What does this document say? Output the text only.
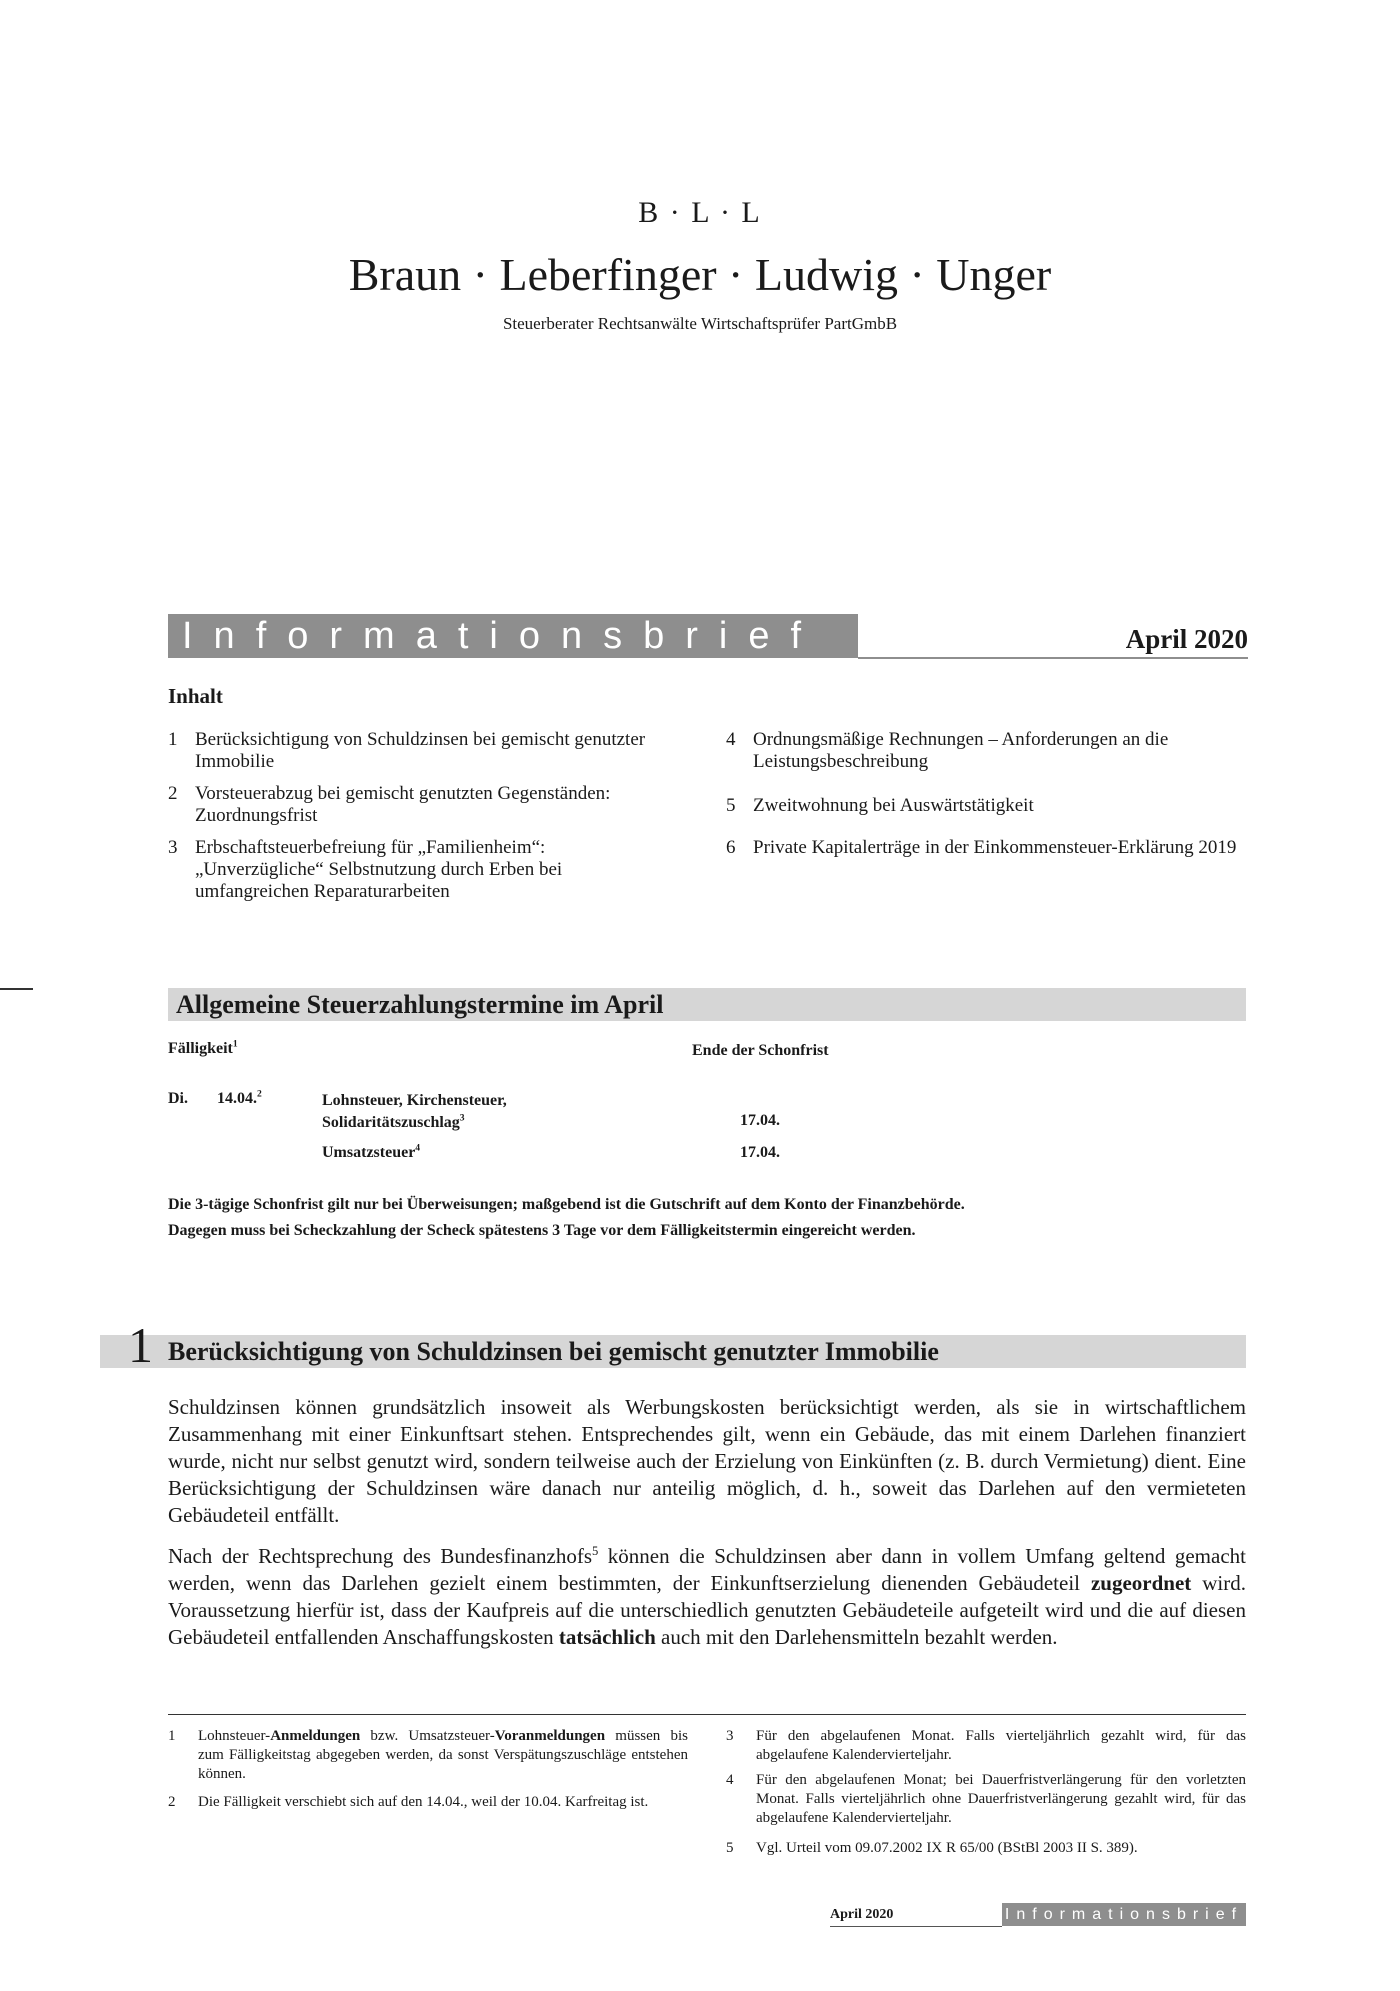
B · L · L
Braun · Leberfinger · Ludwig · Unger
Steuerberater Rechtsanwälte Wirtschaftsprüfer PartGmbB
Informationsbrief	April 2020
Inhalt
1 Berücksichtigung von Schuldzinsen bei gemischt genutzter Immobilie
2 Vorsteuerabzug bei gemischt genutzten Gegenständen: Zuordnungsfrist
3 Erbschaftsteuerbefreiung für „Familienheim“: „Unverzügliche“ Selbstnutzung durch Erben bei umfangreichen Reparaturarbeiten
4 Ordnungsmäßige Rechnungen – Anforderungen an die Leistungsbeschreibung
5 Zweitwohnung bei Auswärtstätigkeit
6 Private Kapitalerträge in der Einkommensteuer-Erklärung 2019
Allgemeine Steuerzahlungstermine im April
Fälligkeit$^1$	Ende der Schonfrist
Di. 14.04.$^2$	Lohnsteuer, Kirchensteuer,
Solidaritätszuschlag$^3$	17.04.
Umsatzsteuer$^4$	17.04.
Die 3-tägige Schonfrist gilt nur bei Überweisungen; maßgebend ist die Gutschrift auf dem Konto der Finanzbehörde.
Dagegen muss bei Scheckzahlung der Scheck spätestens 3 Tage vor dem Fälligkeitstermin eingereicht werden.
1 Berücksichtigung von Schuldzinsen bei gemischt genutzter Immobilie

Schuldzinsen können grundsätzlich insoweit als Werbungskosten berücksichtigt werden, als sie in wirtschaftlichem Zusammenhang mit einer Einkunftsart stehen. Entsprechendes gilt, wenn ein Gebäude, das mit einem Darlehen finanziert wurde, nicht nur selbst genutzt wird, sondern teilweise auch der Erzielung von Einkünften (z. B. durch Vermietung) dient. Eine Berücksichtigung der Schuldzinsen wäre danach nur anteilig möglich, d. h., soweit das Darlehen auf den vermieteten Gebäudeteil entfällt.

Nach der Rechtsprechung des Bundesfinanzhofs$^5$ können die Schuldzinsen aber dann in vollem Umfang geltend gemacht werden, wenn das Darlehen gezielt einem bestimmten, der Einkunftserzielung dienenden Gebäudeteil zugeordnet wird. Voraussetzung hierfür ist, dass der Kaufpreis auf die unterschiedlich genutzten Gebäudeteile aufgeteilt wird und die auf diesen Gebäudeteil entfallenden Anschaffungskosten tatsächlich auch mit den Darlehensmitteln bezahlt werden.

1	Lohnsteuer-Anmeldungen bzw. Umsatzsteuer-Voranmeldungen müssen bis zum Fälligkeitstag abgegeben werden, da sonst Verspätungszuschläge entstehen können.
2	Die Fälligkeit verschiebt sich auf den 14.04., weil der 10.04. Karfreitag ist.
3	Für den abgelaufenen Monat. Falls vierteljährlich gezahlt wird, für das abgelaufene Kalendervierteljahr.
4	Für den abgelaufenen Monat; bei Dauerfristverlängerung für den vorletzten Monat. Falls vierteljährlich ohne Dauerfristverlängerung gezahlt wird, für das abgelaufene Kalendervierteljahr.
5	Vgl. Urteil vom 09.07.2002 IX R 65/00 (BStBl 2003 II S. 389).
April 2020	Informationsbrief
